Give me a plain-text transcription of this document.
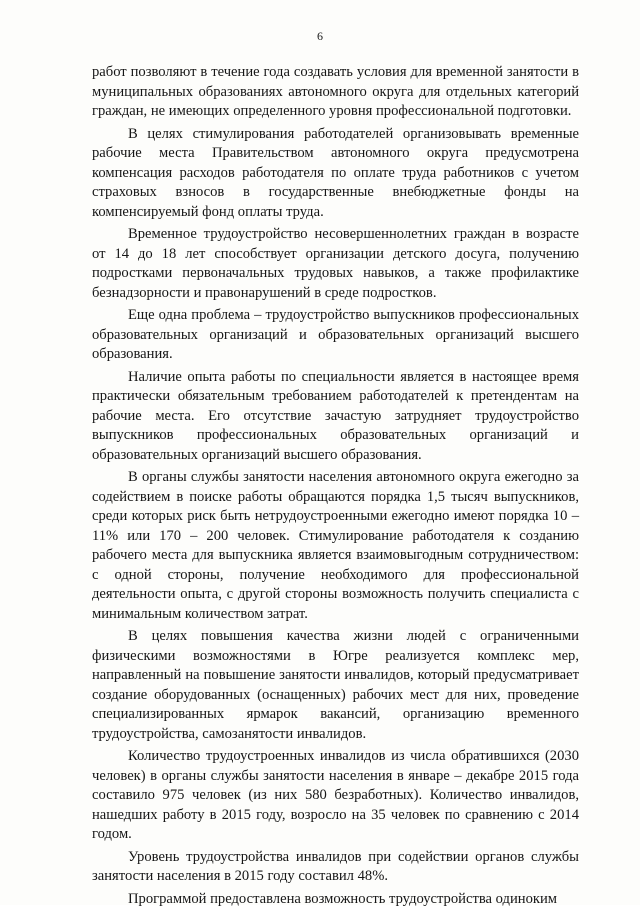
6

работ позволяют в течение года создавать условия для временной занятости в муниципальных образованиях автономного округа для отдельных категорий граждан, не имеющих определенного уровня профессиональной подготовки.

В целях стимулирования работодателей организовывать временные рабочие места Правительством автономного округа предусмотрена компенсация расходов работодателя по оплате труда работников с учетом страховых взносов в государственные внебюджетные фонды на компенсируемый фонд оплаты труда.

Временное трудоустройство несовершеннолетних граждан в возрасте от 14 до 18 лет способствует организации детского досуга, получению подростками первоначальных трудовых навыков, а также профилактике безнадзорности и правонарушений в среде подростков.

Еще одна проблема – трудоустройство выпускников профессиональных образовательных организаций и образовательных организаций высшего образования.

Наличие опыта работы по специальности является в настоящее время практически обязательным требованием работодателей к претендентам на рабочие места. Его отсутствие зачастую затрудняет трудоустройство выпускников профессиональных образовательных организаций и образовательных организаций высшего образования.

В органы службы занятости населения автономного округа ежегодно за содействием в поиске работы обращаются порядка 1,5 тысяч выпускников, среди которых риск быть нетрудоустроенными ежегодно имеют порядка 10 – 11% или 170 – 200 человек. Стимулирование работодателя к созданию рабочего места для выпускника является взаимовыгодным сотрудничеством: с одной стороны, получение необходимого для профессиональной деятельности опыта, с другой стороны возможность получить специалиста с минимальным количеством затрат.

В целях повышения качества жизни людей с ограниченными физическими возможностями в Югре реализуется комплекс мер, направленный на повышение занятости инвалидов, который предусматривает создание оборудованных (оснащенных) рабочих мест для них, проведение специализированных ярмарок вакансий, организацию временного трудоустройства, самозанятости инвалидов.

Количество трудоустроенных инвалидов из числа обратившихся (2030 человек) в органы службы занятости населения в январе – декабре 2015 года составило 975 человек (из них 580 безработных). Количество инвалидов, нашедших работу в 2015 году, возросло на 35 человек по сравнению с 2014 годом.

Уровень трудоустройства инвалидов при содействии органов службы занятости населения в 2015 году составил 48%.

Программой предоставлена возможность трудоустройства одиноким
